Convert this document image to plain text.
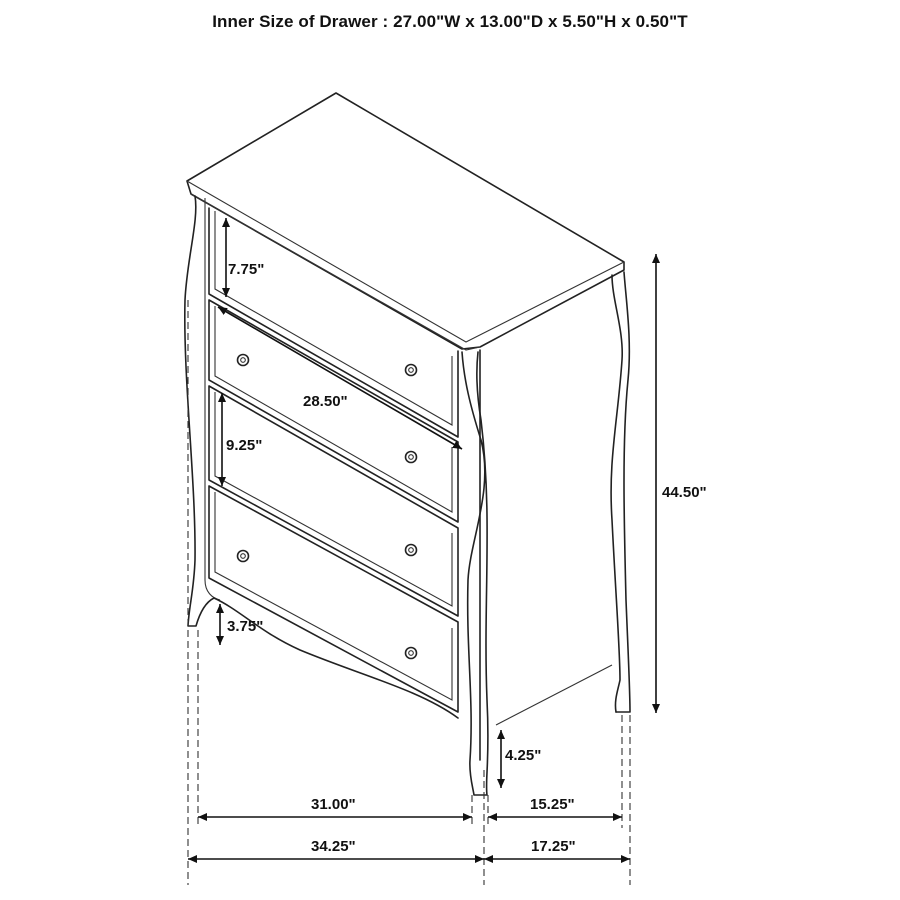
Inner Size of Drawer : 27.00"W x 13.00"D x 5.50"H x 0.50"T
7.75"
28.50"
9.25"
3.75"
4.25"
44.50"
31.00"	15.25"
34.25"	17.25"
